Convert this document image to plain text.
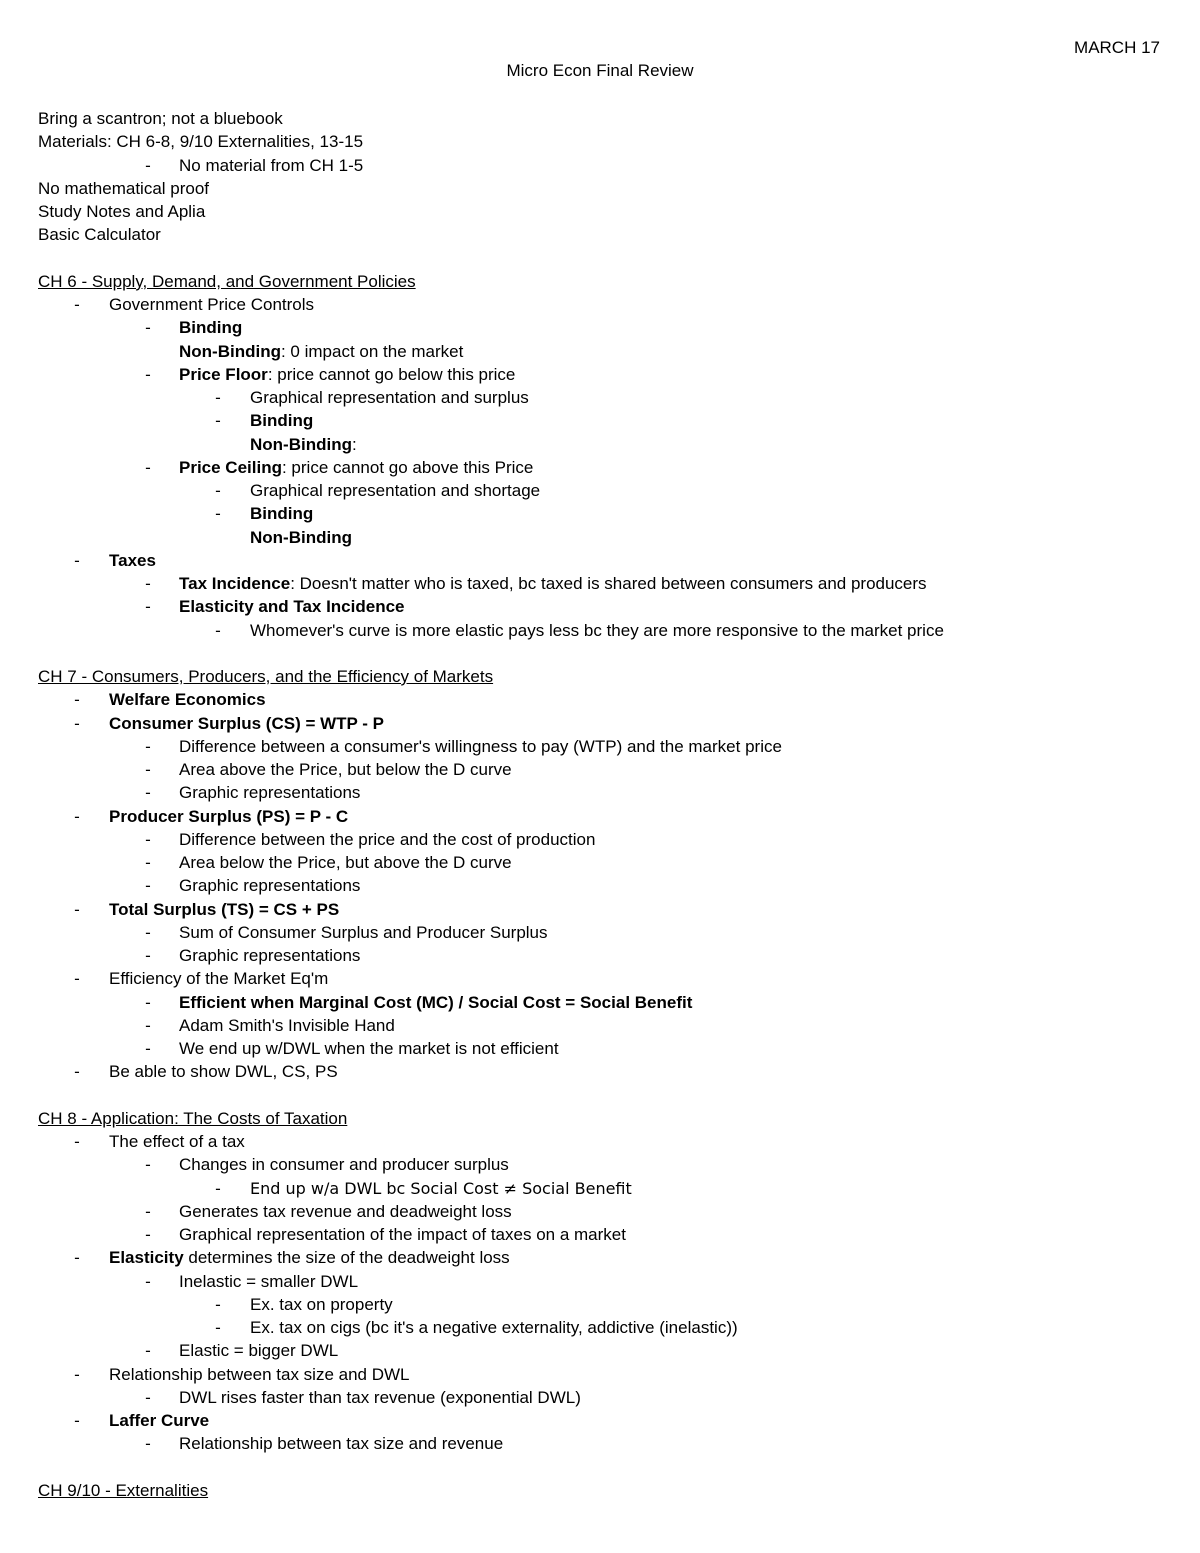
MARCH 17
Micro Econ Final Review
Bring a scantron; not a bluebook
Materials: CH 6-8, 9/10 Externalities, 13-15
- No material from CH 1-5
No mathematical proof
Study Notes and Aplia
Basic Calculator
CH 6 - Supply, Demand, and Government Policies
- Government Price Controls
- Binding
Non-Binding: 0 impact on the market
- Price Floor: price cannot go below this price
- Graphical representation and surplus
- Binding
Non-Binding:
- Price Ceiling: price cannot go above this Price
- Graphical representation and shortage
- Binding
Non-Binding
- Taxes
- Tax Incidence: Doesn't matter who is taxed, bc taxed is shared between consumers and producers
- Elasticity and Tax Incidence
- Whomever's curve is more elastic pays less bc they are more responsive to the market price
CH 7 - Consumers, Producers, and the Efficiency of Markets
- Welfare Economics
- Consumer Surplus (CS) = WTP - P
- Difference between a consumer's willingness to pay (WTP) and the market price
- Area above the Price, but below the D curve
- Graphic representations
- Producer Surplus (PS) = P - C
- Difference between the price and the cost of production
- Area below the Price, but above the D curve
- Graphic representations
- Total Surplus (TS) = CS + PS
- Sum of Consumer Surplus and Producer Surplus
- Graphic representations
- Efficiency of the Market Eq'm
- Efficient when Marginal Cost (MC) / Social Cost = Social Benefit
- Adam Smith's Invisible Hand
- We end up w/DWL when the market is not efficient
- Be able to show DWL, CS, PS
CH 8 - Application: The Costs of Taxation
- The effect of a tax
- Changes in consumer and producer surplus
- End up w/a DWL bc Social Cost ≠ Social Benefit
- Generates tax revenue and deadweight loss
- Graphical representation of the impact of taxes on a market
- Elasticity determines the size of the deadweight loss
- Inelastic = smaller DWL
- Ex. tax on property
- Ex. tax on cigs (bc it's a negative externality, addictive (inelastic))
- Elastic = bigger DWL
- Relationship between tax size and DWL
- DWL rises faster than tax revenue (exponential DWL)
- Laffer Curve
- Relationship between tax size and revenue
CH 9/10 - Externalities
